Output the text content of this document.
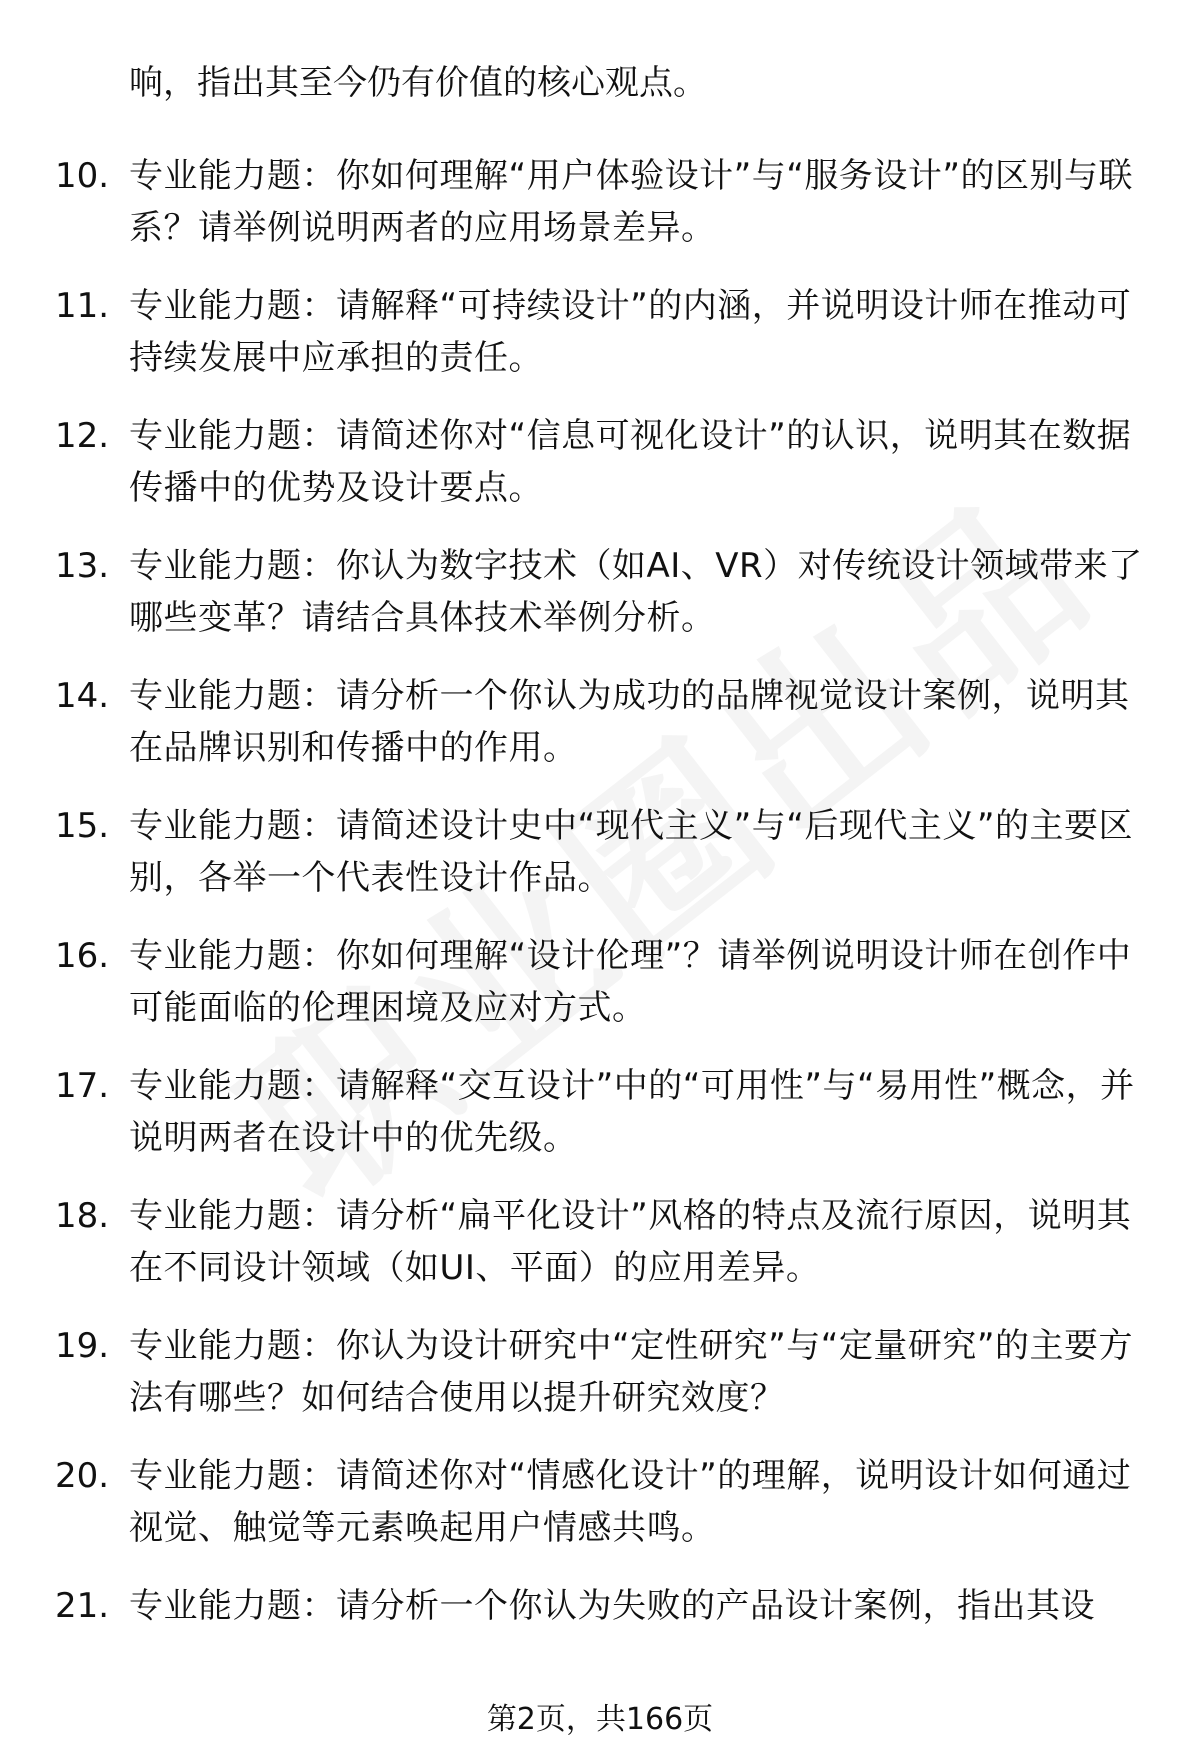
响，指出其至今仍有价值的核心观点。
10. 专业能力题：你如何理解“用户体验设计”与“服务设计”的区别与联系？请举例说明两者的应用场景差异。
11. 专业能力题：请解释“可持续设计”的内涵，并说明设计师在推动可持续发展中应承担的责任。
12. 专业能力题：请简述你对“信息可视化设计”的认识，说明其在数据传播中的优势及设计要点。
13. 专业能力题：你认为数字技术（如AI、VR）对传统设计领域带来了哪些变革？请结合具体技术举例分析。
14. 专业能力题：请分析一个你认为成功的品牌视觉设计案例，说明其在品牌识别和传播中的作用。
15. 专业能力题：请简述设计史中“现代主义”与“后现代主义”的主要区别，各举一个代表性设计作品。
16. 专业能力题：你如何理解“设计伦理”？请举例说明设计师在创作中可能面临的伦理困境及应对方式。
17. 专业能力题：请解释“交互设计”中的“可用性”与“易用性”概念，并说明两者在设计中的优先级。
18. 专业能力题：请分析“扁平化设计”风格的特点及流行原因，说明其在不同设计领域（如UI、平面）的应用差异。
19. 专业能力题：你认为设计研究中“定性研究”与“定量研究”的主要方法有哪些？如何结合使用以提升研究效度？
20. 专业能力题：请简述你对“情感化设计”的理解，说明设计如何通过视觉、触觉等元素唤起用户情感共鸣。
21. 专业能力题：请分析一个你认为失败的产品设计案例，指出其设
第2页，共166页
